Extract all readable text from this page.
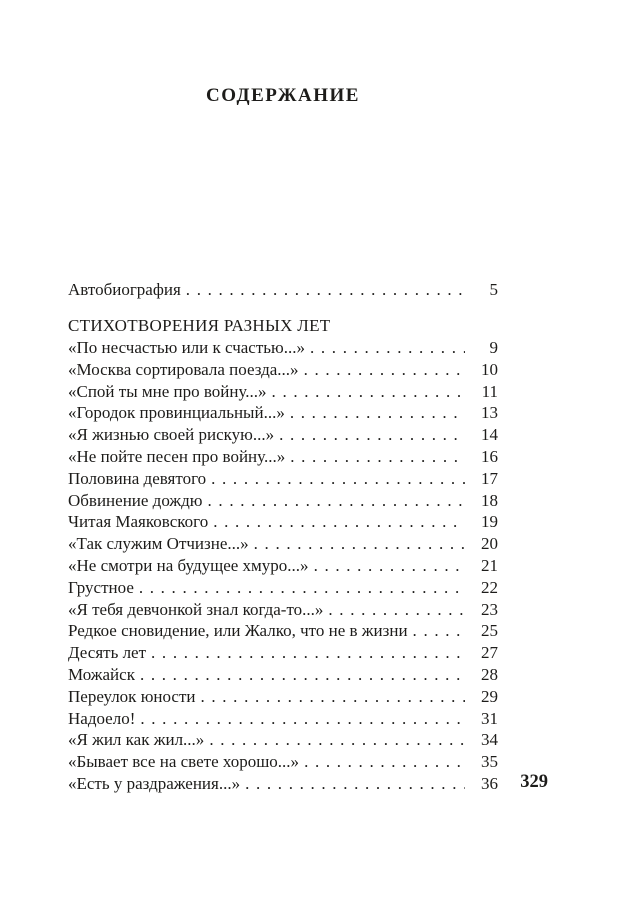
СОДЕРЖАНИЕ
Автобиография . . .	5
СТИХОТВОРЕНИЯ РАЗНЫХ ЛЕТ
«По несчастью или к счастью...» . . .	9
«Москва сортировала поезда...» . . .	10
«Спой ты мне про войну...» . . .	11
«Городок провинциальный...» . . .	13
«Я жизнью своей рискую...» . . .	14
«Не пойте песен про войну...» . . .	16
Половина девятого . . .	17
Обвинение дождю . . .	18
Читая Маяковского . . .	19
«Так служим Отчизне...» . . .	20
«Не смотри на будущее хмуро...» . . .	21
Грустное . . .	22
«Я тебя девчонкой знал когда-то...» . . .	23
Редкое сновидение, или Жалко, что не в жизни . . .	25
Десять лет . . .	27
Можайск . . .	28
Переулок юности . . .	29
Надоело! . . .	31
«Я жил как жил...» . . .	34
«Бывает все на свете хорошо...» . . .	35
«Есть у раздражения...» . . .	36 329
